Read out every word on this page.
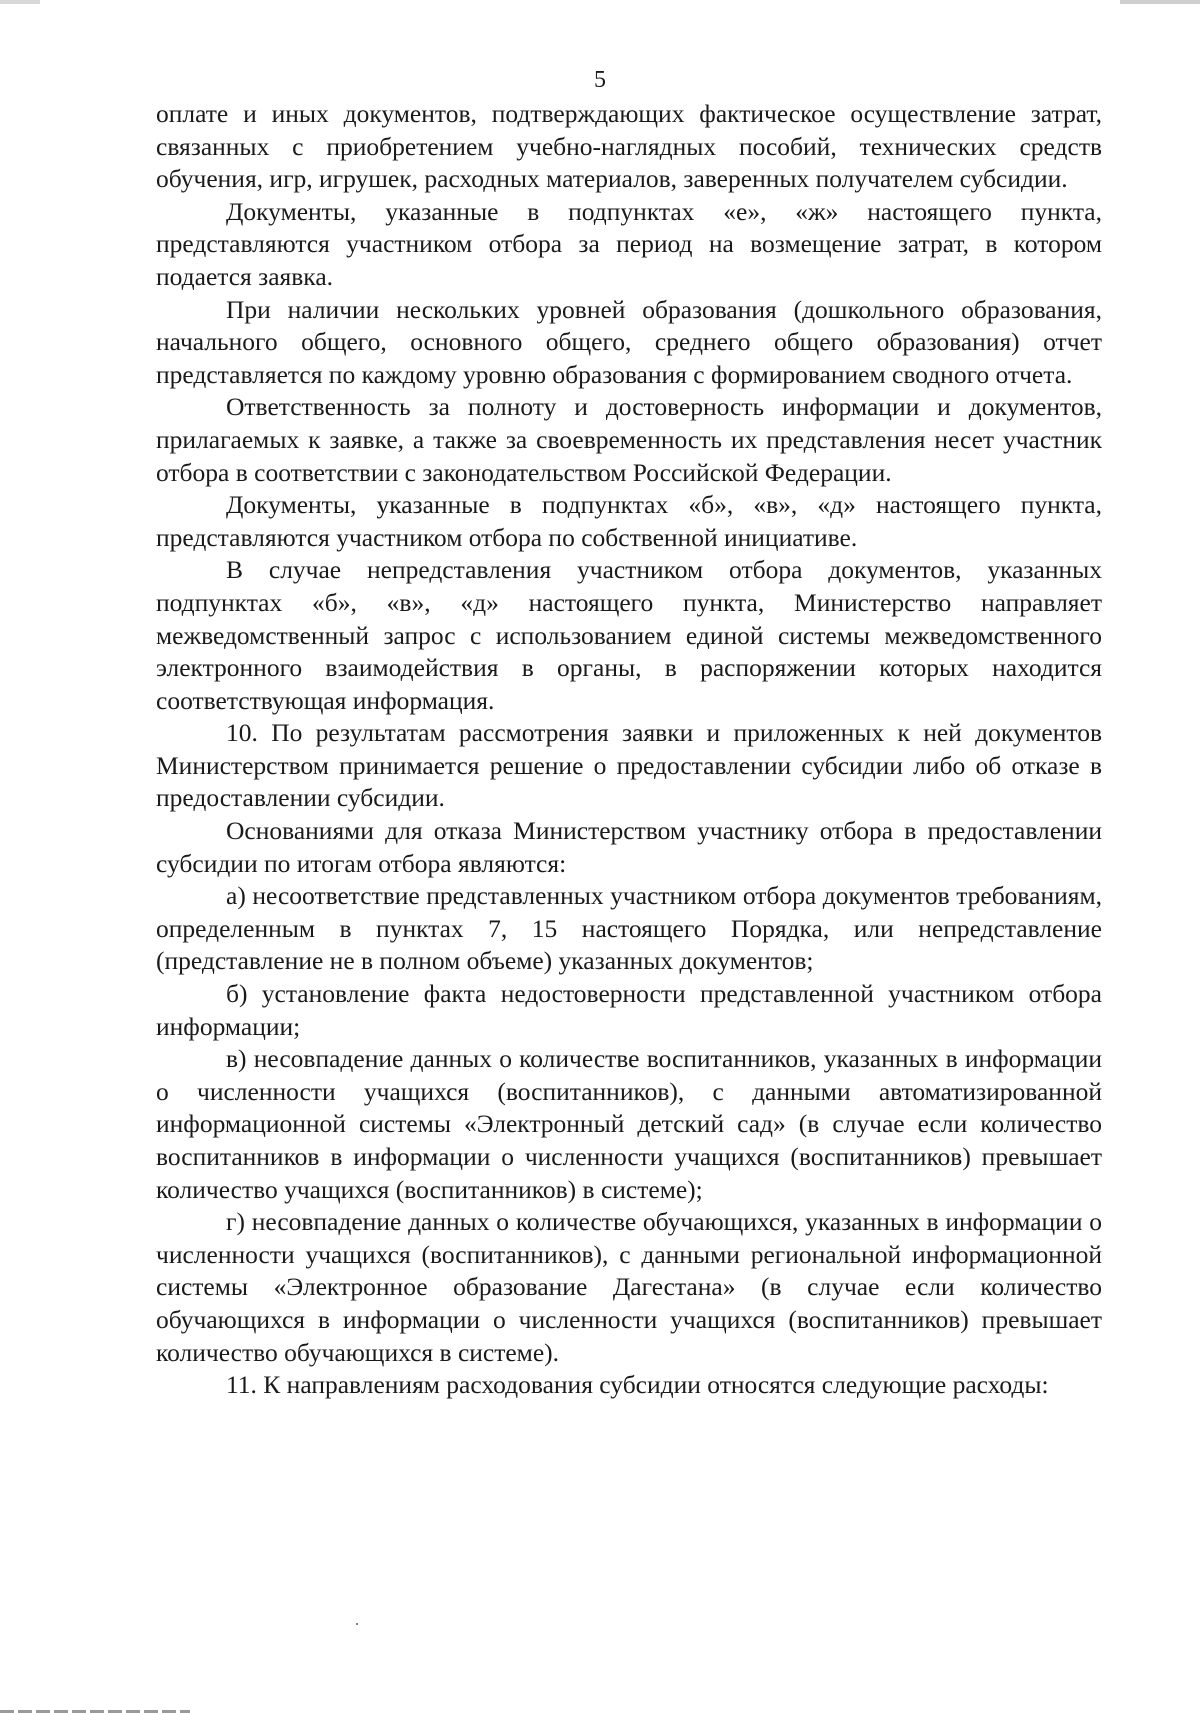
5

оплате и иных документов, подтверждающих фактическое осуществление затрат, связанных с приобретением учебно-наглядных пособий, технических средств обучения, игр, игрушек, расходных материалов, заверенных получателем субсидии.

Документы, указанные в подпунктах «е», «ж» настоящего пункта, представляются участником отбора за период на возмещение затрат, в котором подается заявка.

При наличии нескольких уровней образования (дошкольного образования, начального общего, основного общего, среднего общего образования) отчет представляется по каждому уровню образования с формированием сводного отчета.

Ответственность за полноту и достоверность информации и документов, прилагаемых к заявке, а также за своевременность их представления несет участник отбора в соответствии с законодательством Российской Федерации.

Документы, указанные в подпунктах «б», «в», «д» настоящего пункта, представляются участником отбора по собственной инициативе.

В случае непредставления участником отбора документов, указанных подпунктах «б», «в», «д» настоящего пункта, Министерство направляет межведомственный запрос с использованием единой системы межведомственного электронного взаимодействия в органы, в распоряжении которых находится соответствующая информация.

10. По результатам рассмотрения заявки и приложенных к ней документов Министерством принимается решение о предоставлении субсидии либо об отказе в предоставлении субсидии.

Основаниями для отказа Министерством участнику отбора в предоставлении субсидии по итогам отбора являются:

а) несоответствие представленных участником отбора документов требованиям, определенным в пунктах 7, 15 настоящего Порядка, или непредставление (представление не в полном объеме) указанных документов;

б) установление факта недостоверности представленной участником отбора информации;

в) несовпадение данных о количестве воспитанников, указанных в информации о численности учащихся (воспитанников), с данными автоматизированной информационной системы «Электронный детский сад» (в случае если количество воспитанников в информации о численности учащихся (воспитанников) превышает количество учащихся (воспитанников) в системе);

г) несовпадение данных о количестве обучающихся, указанных в информации о численности учащихся (воспитанников), с данными региональной информационной системы «Электронное образование Дагестана» (в случае если количество обучающихся в информации о численности учащихся (воспитанников) превышает количество обучающихся в системе).

11. К направлениям расходования субсидии относятся следующие расходы:
